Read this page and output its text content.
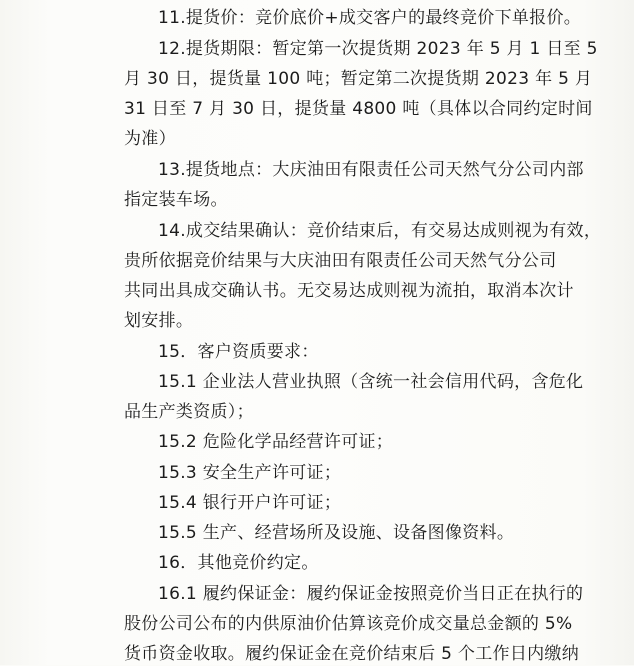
11.提货价：竞价底价+成交客户的最终竞价下单报价。
12.提货期限：暂定第一次提货期 2023 年 5 月 1 日至 5
月 30 日，提货量 100 吨；暂定第二次提货期 2023 年 5 月
31 日至 7 月 30 日，提货量 4800 吨（具体以合同约定时间
为准）
13.提货地点：大庆油田有限责任公司天然气分公司内部
指定装车场。
14.成交结果确认：竞价结束后，有交易达成则视为有效，
贵所依据竞价结果与大庆油田有限责任公司天然气分公司
共同出具成交确认书。无交易达成则视为流拍，取消本次计
划安排。
15．客户资质要求：
15.1 企业法人营业执照（含统一社会信用代码，含危化
品生产类资质）；
15.2 危险化学品经营许可证；
15.3 安全生产许可证；
15.4 银行开户许可证；
15.5 生产、经营场所及设施、设备图像资料。
16．其他竞价约定。
16.1 履约保证金：履约保证金按照竞价当日正在执行的
股份公司公布的内供原油价估算该竞价成交量总金额的 5%
货币资金收取。履约保证金在竞价结束后 5 个工作日内缴纳
